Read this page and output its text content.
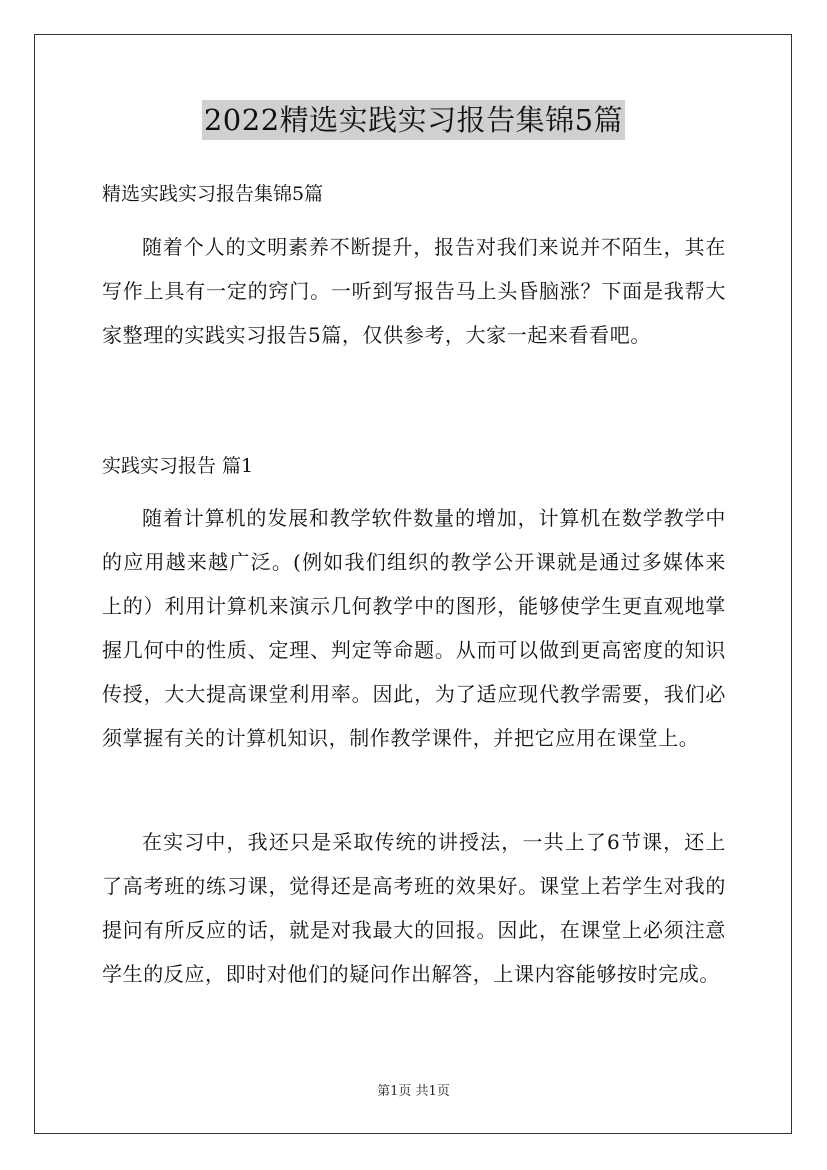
2022精选实践实习报告集锦5篇
精选实践实习报告集锦5篇

随着个人的文明素养不断提升，报告对我们来说并不陌生，其在写作上具有一定的窍门。一听到写报告马上头昏脑涨？下面是我帮大家整理的实践实习报告5篇，仅供参考，大家一起来看看吧。

实践实习报告 篇1

随着计算机的发展和教学软件数量的增加，计算机在数学教学中的应用越来越广泛。(例如我们组织的教学公开课就是通过多媒体来上的）利用计算机来演示几何教学中的图形，能够使学生更直观地掌握几何中的性质、定理、判定等命题。从而可以做到更高密度的知识传授，大大提高课堂利用率。因此，为了适应现代教学需要，我们必须掌握有关的计算机知识，制作教学课件，并把它应用在课堂上。

在实习中，我还只是采取传统的讲授法，一共上了6节课，还上了高考班的练习课，觉得还是高考班的效果好。课堂上若学生对我的提问有所反应的话，就是对我最大的回报。因此，在课堂上必须注意学生的反应，即时对他们的疑问作出解答，上课内容能够按时完成。

第1页 共1页
